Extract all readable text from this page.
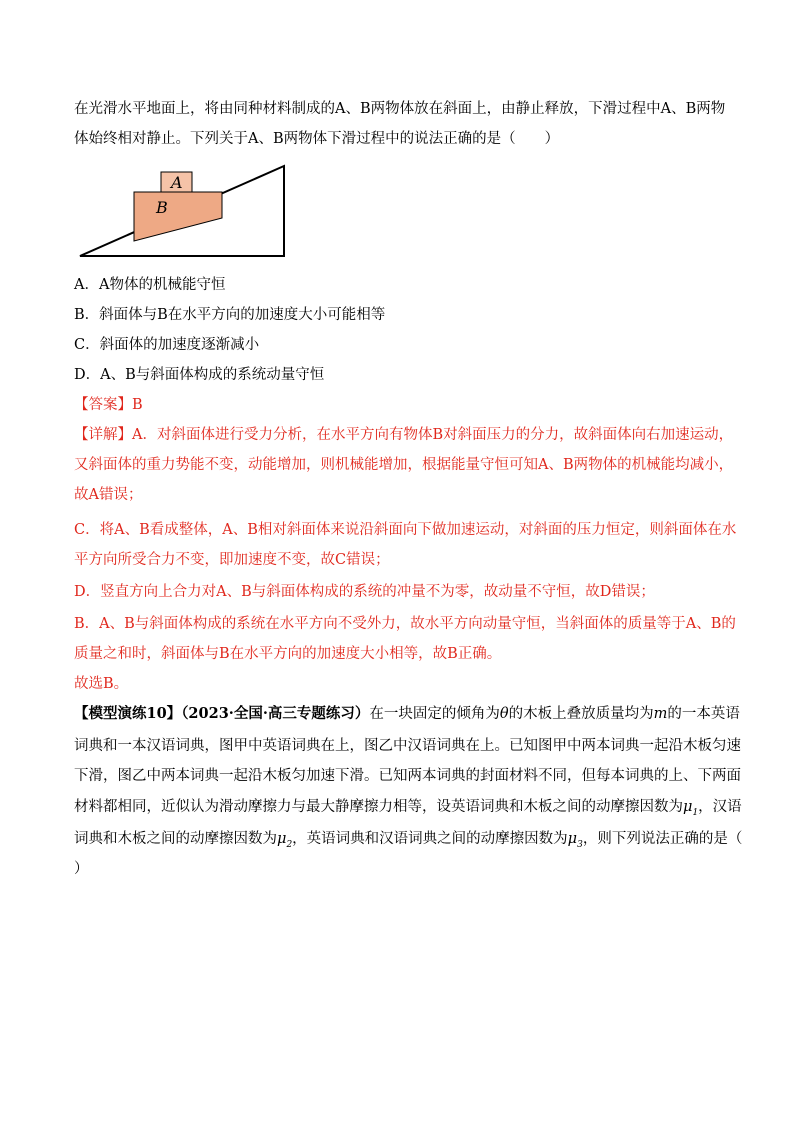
在光滑水平地面上，将由同种材料制成的A、B两物体放在斜面上，由静止释放，下滑过程中A、B两物
体始终相对静止。下列关于A、B两物体下滑过程中的说法正确的是（　　）
A
B
A．A物体的机械能守恒
B．斜面体与B在水平方向的加速度大小可能相等
C．斜面体的加速度逐渐减小
D．A、B与斜面体构成的系统动量守恒
【答案】B
【详解】A．对斜面体进行受力分析，在水平方向有物体B对斜面压力的分力，故斜面体向右加速运动，
又斜面体的重力势能不变，动能增加，则机械能增加，根据能量守恒可知A、B两物体的机械能均减小，
故A错误；
C．将A、B看成整体，A、B相对斜面体来说沿斜面向下做加速运动，对斜面的压力恒定，则斜面体在水
平方向所受合力不变，即加速度不变，故C错误；
D．竖直方向上合力对A、B与斜面体构成的系统的冲量不为零，故动量不守恒，故D错误；
B．A、B与斜面体构成的系统在水平方向不受外力，故水平方向动量守恒，当斜面体的质量等于A、B的
质量之和时，斜面体与B在水平方向的加速度大小相等，故B正确。
故选B。
【模型演练10】（2023·全国·高三专题练习）在一块固定的倾角为θ的木板上叠放质量均为m的一本英语
词典和一本汉语词典，图甲中英语词典在上，图乙中汉语词典在上。已知图甲中两本词典一起沿木板匀速
下滑，图乙中两本词典一起沿木板匀加速下滑。已知两本词典的封面材料不同，但每本词典的上、下两面
材料都相同，近似认为滑动摩擦力与最大静摩擦力相等，设英语词典和木板之间的动摩擦因数为$\mu_1$，汉语
词典和木板之间的动摩擦因数为$\mu_2$，英语词典和汉语词典之间的动摩擦因数为$\mu_3$，则下列说法正确的是（
）
